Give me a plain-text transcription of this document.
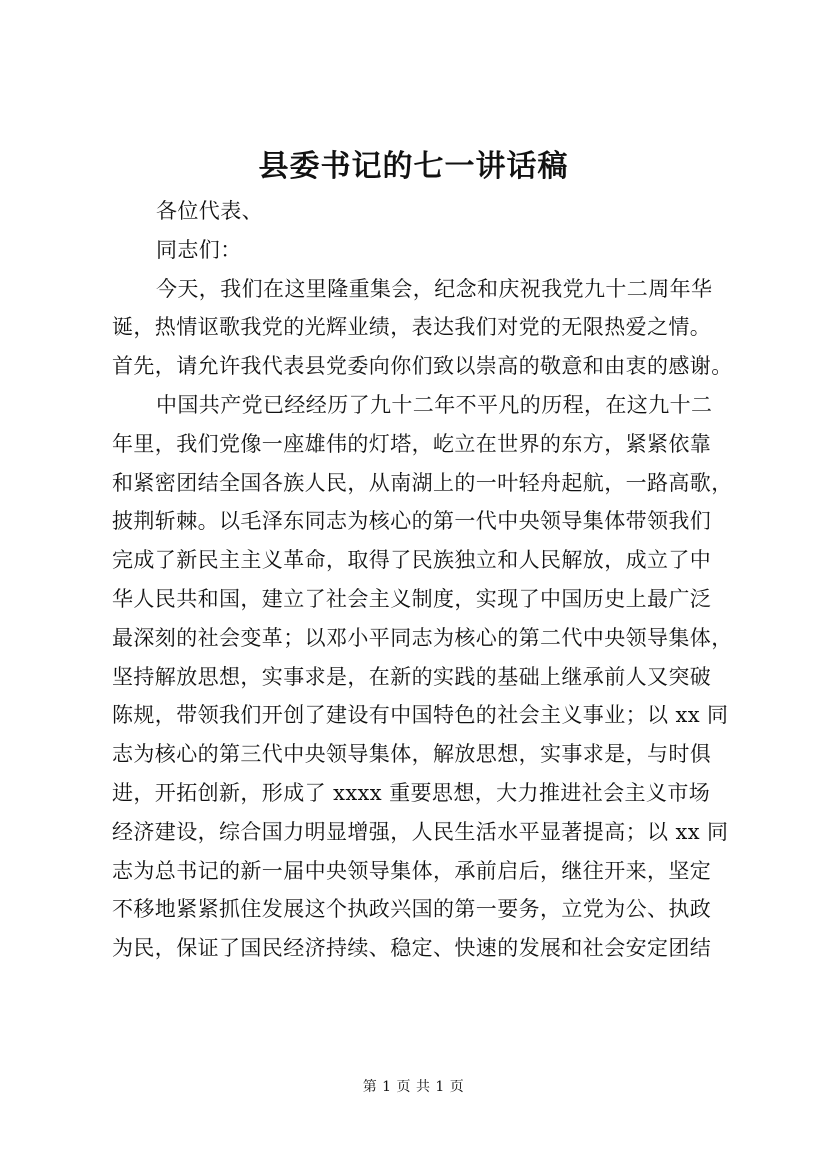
县委书记的七一讲话稿
各位代表、
同志们：
今天，我们在这里隆重集会，纪念和庆祝我党九十二周年华
诞，热情讴歌我党的光辉业绩，表达我们对党的无限热爱之情。
首先，请允许我代表县党委向你们致以崇高的敬意和由衷的感谢。
中国共产党已经经历了九十二年不平凡的历程，在这九十二
年里，我们党像一座雄伟的灯塔，屹立在世界的东方，紧紧依靠
和紧密团结全国各族人民，从南湖上的一叶轻舟起航，一路高歌，
披荆斩棘。以毛泽东同志为核心的第一代中央领导集体带领我们
完成了新民主主义革命，取得了民族独立和人民解放，成立了中
华人民共和国，建立了社会主义制度，实现了中国历史上最广泛
最深刻的社会变革；以邓小平同志为核心的第二代中央领导集体，
坚持解放思想，实事求是，在新的实践的基础上继承前人又突破
陈规，带领我们开创了建设有中国特色的社会主义事业；以 xx 同
志为核心的第三代中央领导集体，解放思想，实事求是，与时俱
进，开拓创新，形成了 xxxx 重要思想，大力推进社会主义市场
经济建设，综合国力明显增强，人民生活水平显著提高；以 xx 同
志为总书记的新一届中央领导集体，承前启后，继往开来，坚定
不移地紧紧抓住发展这个执政兴国的第一要务，立党为公、执政
为民，保证了国民经济持续、稳定、快速的发展和社会安定团结
第 1 页 共 1 页
